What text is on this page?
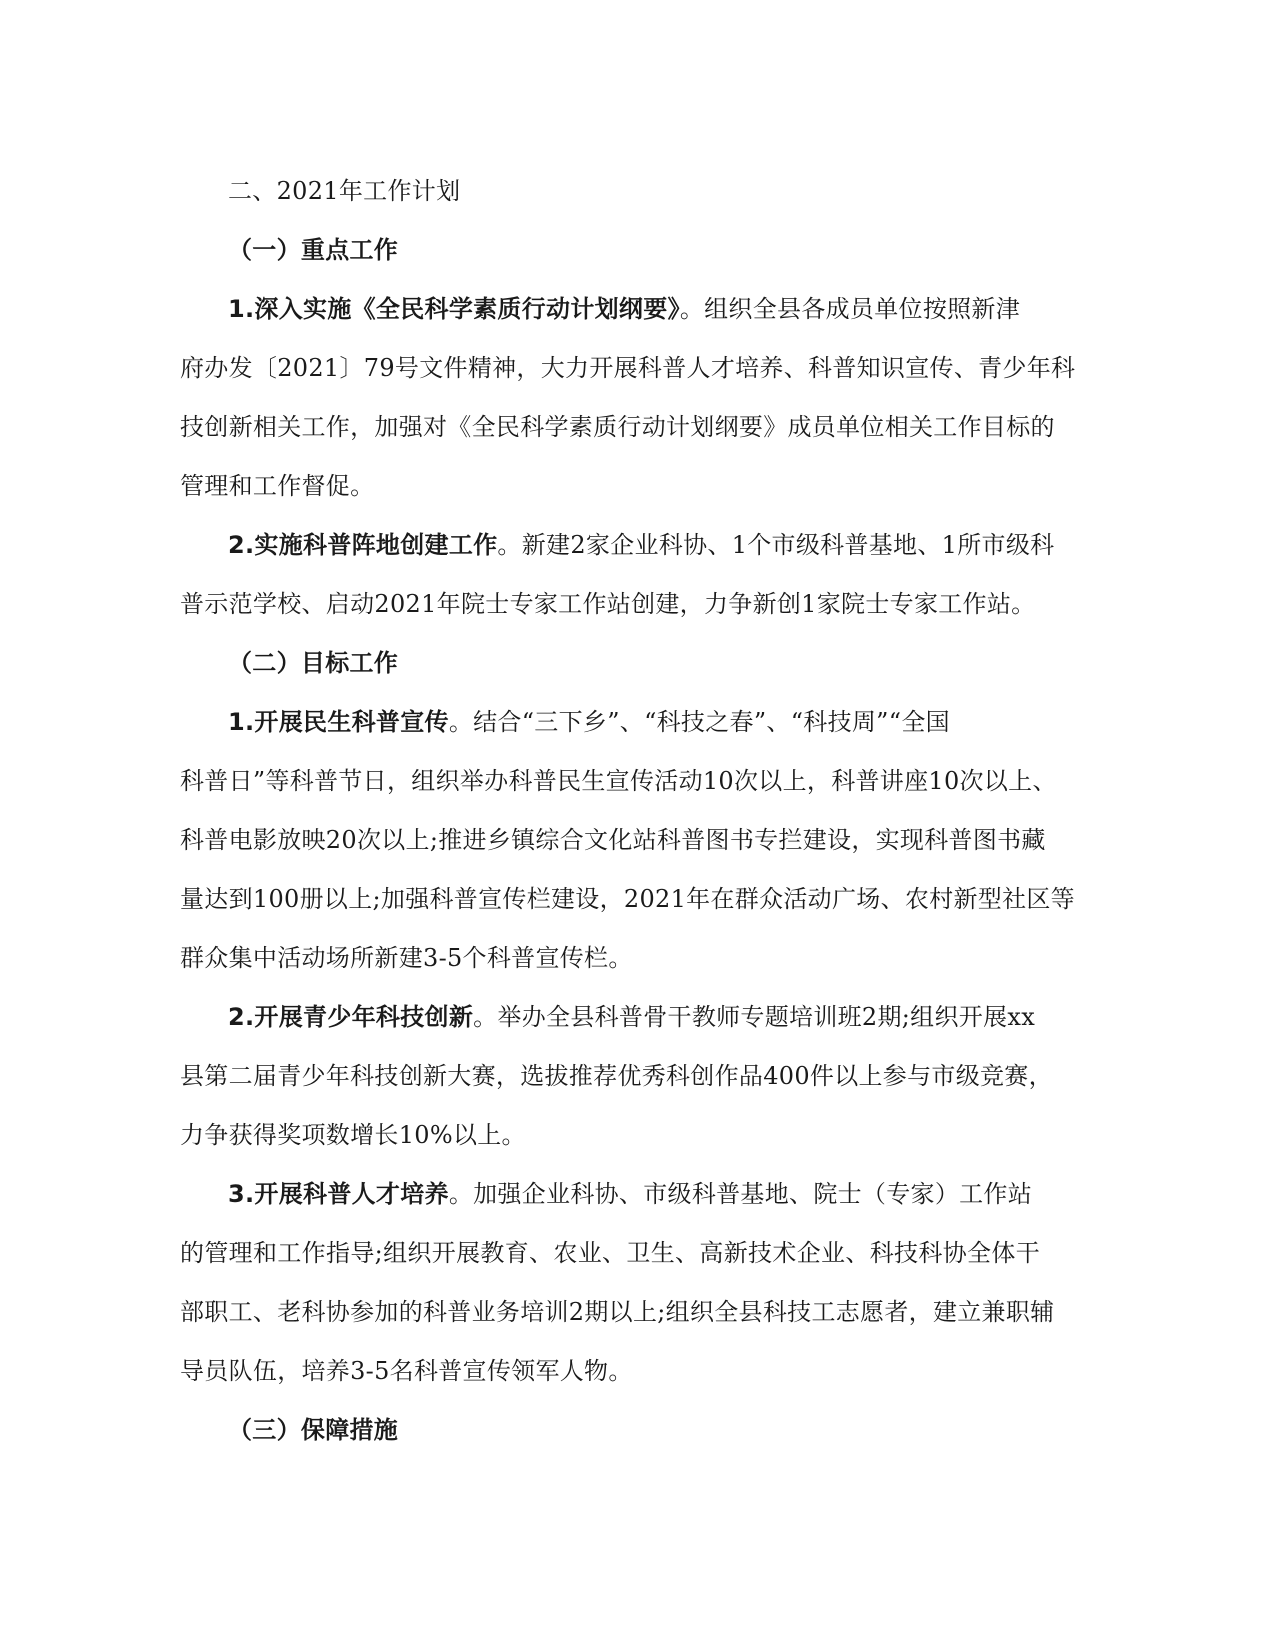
二、2021年工作计划
（一）重点工作
1.深入实施《全民科学素质行动计划纲要》。组织全县各成员单位按照新津
府办发〔2021〕79号文件精神，大力开展科普人才培养、科普知识宣传、青少年科
技创新相关工作，加强对《全民科学素质行动计划纲要》成员单位相关工作目标的
管理和工作督促。
2.实施科普阵地创建工作。新建2家企业科协、1个市级科普基地、1所市级科
普示范学校、启动2021年院士专家工作站创建，力争新创1家院士专家工作站。
（二）目标工作
1.开展民生科普宣传。结合“三下乡”、“科技之春”、“科技周”“全国
科普日”等科普节日，组织举办科普民生宣传活动10次以上，科普讲座10次以上、
科普电影放映20次以上;推进乡镇综合文化站科普图书专拦建设，实现科普图书藏
量达到100册以上;加强科普宣传栏建设，2021年在群众活动广场、农村新型社区等
群众集中活动场所新建3-5个科普宣传栏。
2.开展青少年科技创新。举办全县科普骨干教师专题培训班2期;组织开展xx
县第二届青少年科技创新大赛，选拔推荐优秀科创作品400件以上参与市级竞赛，
力争获得奖项数增长10%以上。
3.开展科普人才培养。加强企业科协、市级科普基地、院士（专家）工作站
的管理和工作指导;组织开展教育、农业、卫生、高新技术企业、科技科协全体干
部职工、老科协参加的科普业务培训2期以上;组织全县科技工志愿者，建立兼职辅
导员队伍，培养3-5名科普宣传领军人物。
（三）保障措施
